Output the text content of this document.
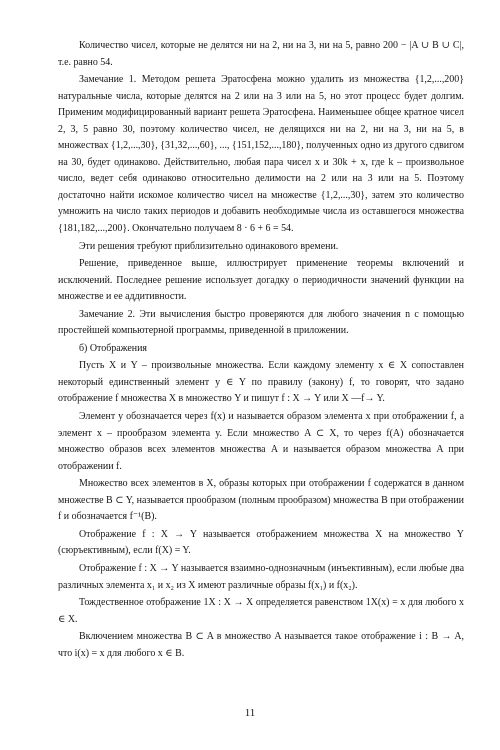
Количество чисел, которые не делятся ни на 2, ни на 3, ни на 5, равно 200 − |A ∪ B ∪ C|, т.е. равно 54.

Замечание 1. Методом решета Эратосфена можно удалить из множества {1,2,...,200} натуральные числа, которые делятся на 2 или на 3 или на 5, но этот процесс будет долгим. Применим модифицированный вариант решета Эратосфена. Наименьшее общее кратное чисел 2, 3, 5 равно 30, поэтому количество чисел, не делящихся ни на 2, ни на 3, ни на 5, в множествах {1,2,...,30}, {31,32,...,60}, ..., {151,152,...,180}, полученных одно из другого сдвигом на 30, будет одинаково. Действительно, любая пара чисел x и 30k + x, где k – произвольное число, ведет себя одинаково относительно делимости на 2 или на 3 или на 5. Поэтому достаточно найти искомое количество чисел на множестве {1,2,...,30}, затем это количество умножить на число таких периодов и добавить необходимые числа из оставшегося множества {181,182,...,200}. Окончательно получаем 8 · 6 + 6 = 54.

Эти решения требуют приблизительно одинакового времени.

Решение, приведенное выше, иллюстрирует применение теоремы включений и исключений. Последнее решение использует догадку о периодичности значений функции на множестве и ее аддитивности.

Замечание 2. Эти вычисления быстро проверяются для любого значения n с помощью простейшей компьютерной программы, приведенной в приложении.

б) Отображения

Пусть X и Y – произвольные множества. Если каждому элементу x ∈ X сопоставлен некоторый единственный элемент y ∈ Y по правилу (закону) f, то говорят, что задано отображение f множества X в множество Y и пишут f : X → Y или X —f→ Y.

Элемент y обозначается через f(x) и называется образом элемента x при отображении f, а элемент x – прообразом элемента y. Если множество A ⊂ X, то через f(A) обозначается множество образов всех элементов множества A и называется образом множества A при отображении f.

Множество всех элементов в X, образы которых при отображении f содержатся в данном множестве B ⊂ Y, называется прообразом (полным прообразом) множества B при отображении f и обозначается f⁻¹(B).

Отображение f : X → Y называется отображением множества X на множество Y (сюръективным), если f(X) = Y.

Отображение f : X → Y называется взаимно-однозначным (инъективным), если любые два различных элемента x₁ и x₂ из X имеют различные образы f(x₁) и f(x₂).

Тождественное отображение 1X : X → X определяется равенством 1X(x) = x для любого x ∈ X.

Включением множества B ⊂ A в множество A называется такое отображение i : B → A, что i(x) = x для любого x ∈ B.

11
